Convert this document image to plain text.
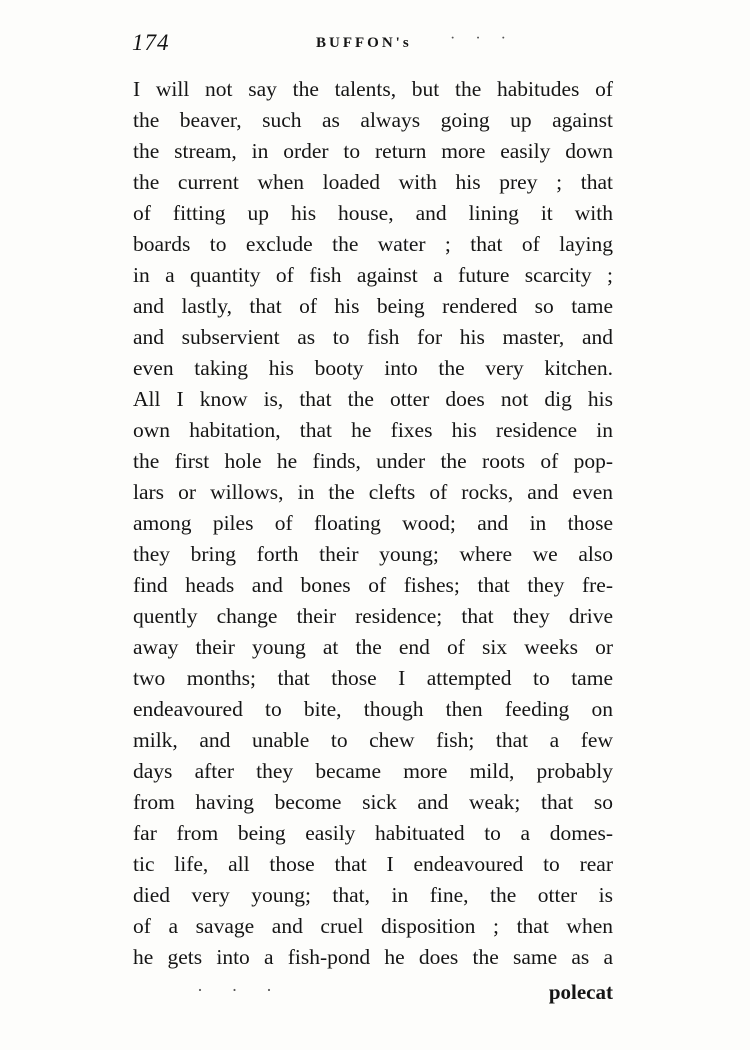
174	BUFFON's · · ·
I will not say the talents, but the habitudes of
the beaver, such as always going up against
the stream, in order to return more easily down
the current when loaded with his prey ; that
of fitting up his house, and lining it with
boards to exclude the water ; that of laying
in a quantity of fish against a future scarcity ;
and lastly, that of his being rendered so tame
and subservient as to fish for his master, and
even taking his booty into the very kitchen.
All I know is, that the otter does not dig his
own habitation, that he fixes his residence in
the first hole he finds, under the roots of pop-
lars or willows, in the clefts of rocks, and even
among piles of floating wood; and in those
they bring forth their young; where we also
find heads and bones of fishes; that they fre-
quently change their residence; that they drive
away their young at the end of six weeks or
two months; that those I attempted to tame
endeavoured to bite, though then feeding on
milk, and unable to chew fish; that a few
days after they became more mild, probably
from having become sick and weak; that so
far from being easily habituated to a domes-
tic life, all those that I endeavoured to rear
died very young; that, in fine, the otter is
of a savage and cruel disposition ; that when
he gets into a fish-pond he does the same as a
· · ·	polecat
